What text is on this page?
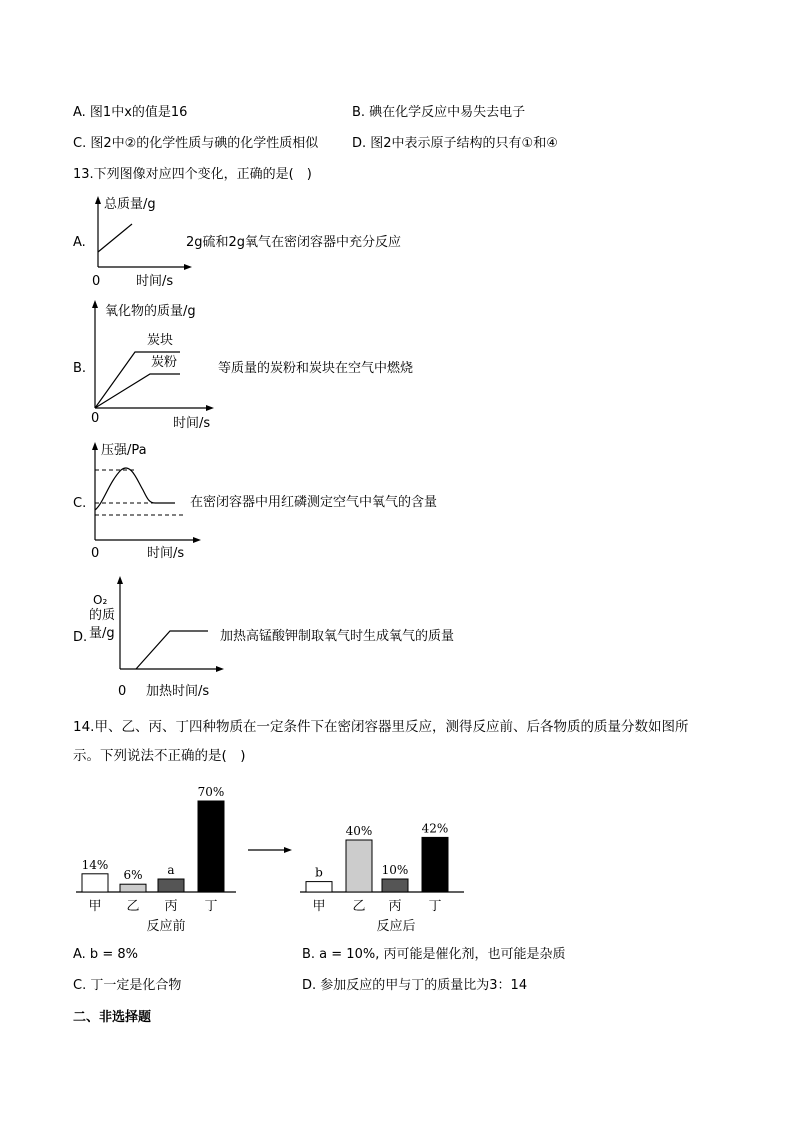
A. 图1中x的值是16	B. 碘在化学反应中易失去电子
C. 图2中②的化学性质与碘的化学性质相似	D. 图2中表示原子结构的只有①和④
13.下列图像对应四个变化，正确的是(　)
A.
总质量/g
0	时间/s
2g硫和2g氧气在密闭容器中充分反应
B.
氧化物的质量/g
炭块
炭粉
0	时间/s
等质量的炭粉和炭块在空气中燃烧
C.
压强/Pa
0	时间/s
在密闭容器中用红磷测定空气中氧气的含量
D.
O₂
的质
量/g
0 加热时间/s
加热高锰酸钾制取氧气时生成氧气的质量
14.甲、乙、丙、丁四种物质在一定条件下在密闭容器里反应，测得反应前、后各物质的质量分数如图所
示。下列说法不正确的是(　)
14%
甲
6%
乙
a
丙
70%
丁
反应前
b
甲
40%
乙
10%
丙
42%
丁
反应后
A. b = 8%	B. a = 10%, 丙可能是催化剂，也可能是杂质
C. 丁一定是化合物	D. 参加反应的甲与丁的质量比为3：14
二、非选择题
